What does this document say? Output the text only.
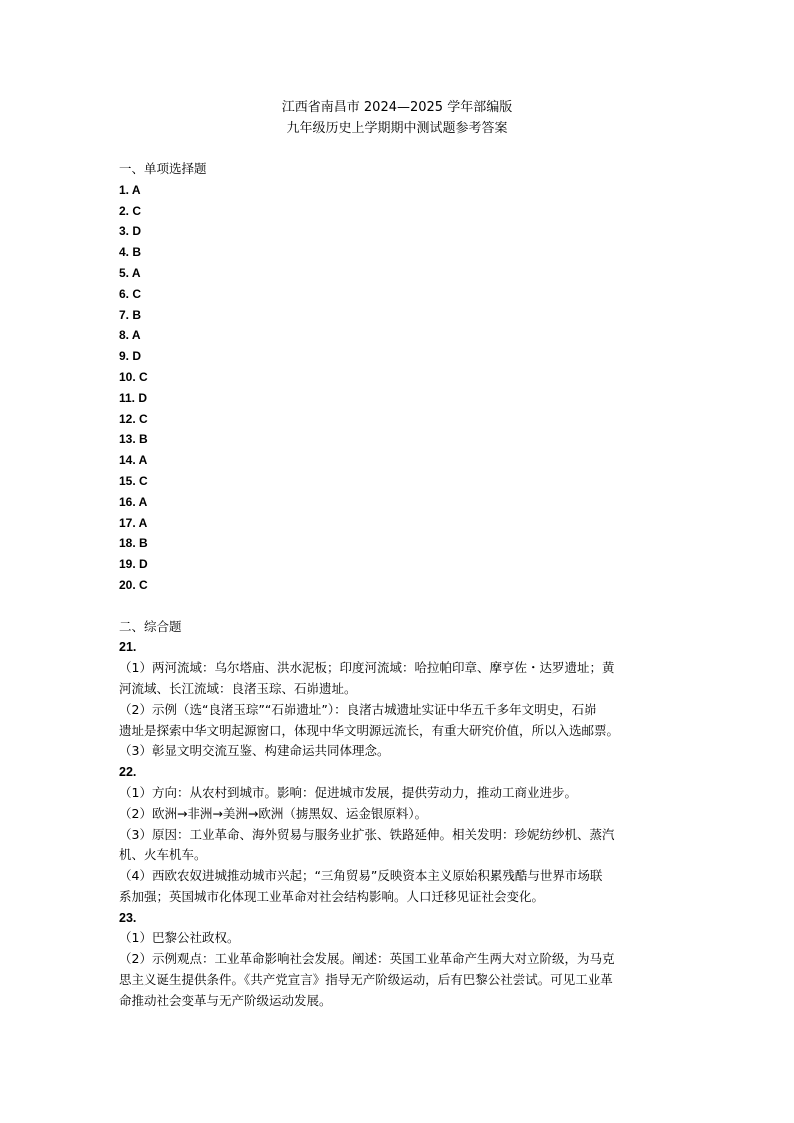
江西省南昌市 2024—2025 学年部编版
九年级历史上学期期中测试题参考答案
一、单项选择题
1. A
2. C
3. D
4. B
5. A
6. C
7. B
8. A
9. D
10. C
11. D
12. C
13. B
14. A
15. C
16. A
17. A
18. B
19. D
20. C
二、综合题
21.
（1）两河流域：乌尔塔庙、洪水泥板；印度河流域：哈拉帕印章、摩亨佐・达罗遗址；黄
河流域、长江流域：良渚玉琮、石峁遗址。
（2）示例（选“良渚玉琮”“石峁遗址”）：良渚古城遗址实证中华五千多年文明史，石峁
遗址是探索中华文明起源窗口，体现中华文明源远流长，有重大研究价值，所以入选邮票。
（3）彰显文明交流互鉴、构建命运共同体理念。
22.
（1）方向：从农村到城市。影响：促进城市发展，提供劳动力，推动工商业进步。
（2）欧洲→非洲→美洲→欧洲（掳黑奴、运金银原料）。
（3）原因：工业革命、海外贸易与服务业扩张、铁路延伸。相关发明：珍妮纺纱机、蒸汽
机、火车机车。
（4）西欧农奴进城推动城市兴起；“三角贸易”反映资本主义原始积累残酷与世界市场联
系加强；英国城市化体现工业革命对社会结构影响。人口迁移见证社会变化。
23.
（1）巴黎公社政权。
（2）示例观点：工业革命影响社会发展。阐述：英国工业革命产生两大对立阶级，为马克
思主义诞生提供条件。《共产党宣言》指导无产阶级运动，后有巴黎公社尝试。可见工业革
命推动社会变革与无产阶级运动发展。
